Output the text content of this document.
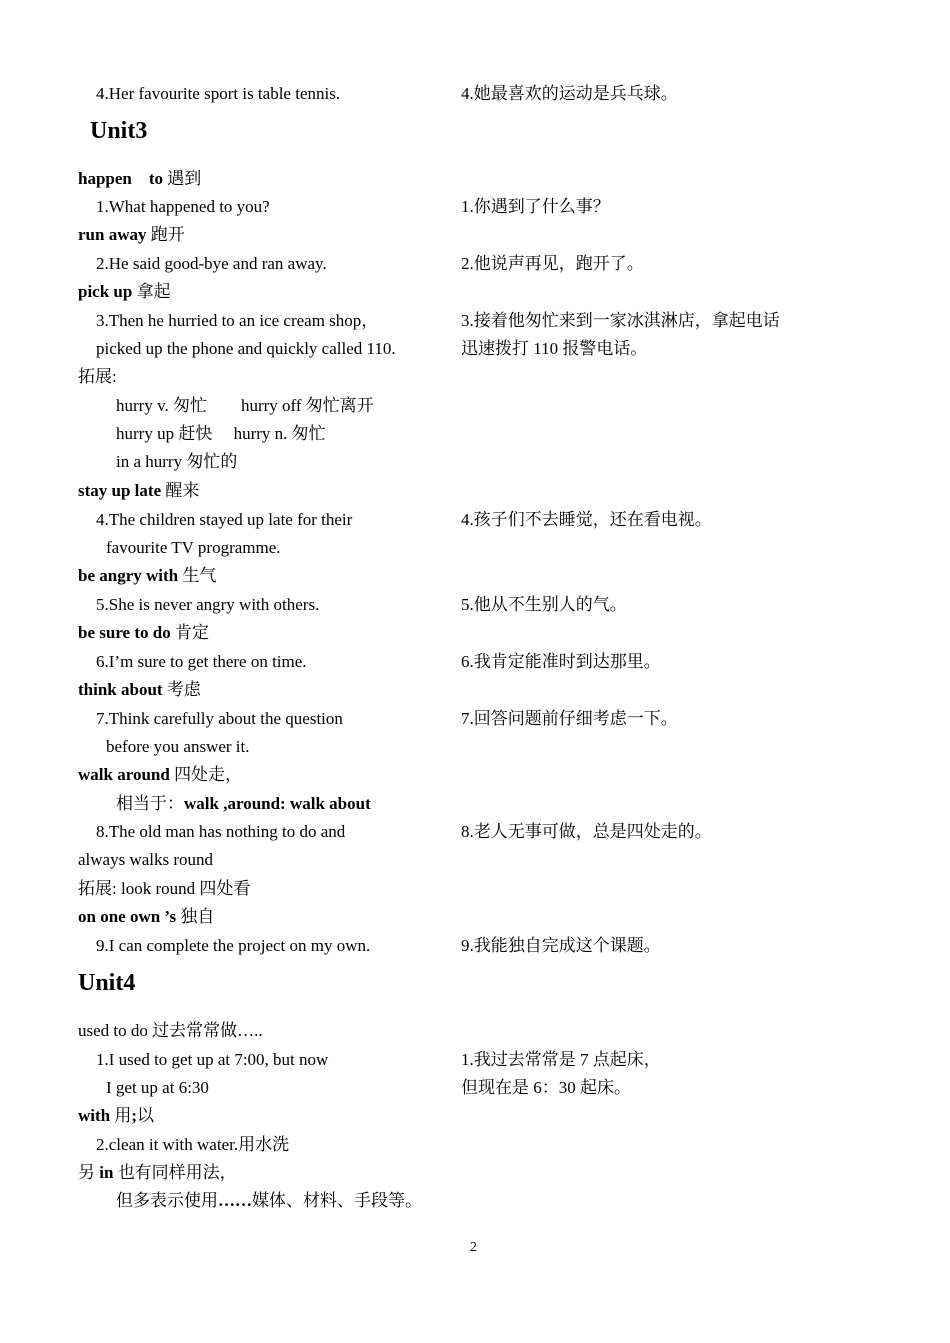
4.Her favourite sport is table tennis.	4.她最喜欢的运动是兵乓球。
Unit3
happen　to 遇到
1.What happened to you?	1.你遇到了什么事？
run away 跑开
2.He said good-bye and ran away.	2.他说声再见，跑开了。
pick up 拿起
3.Then he hurried to an ice cream shop，	3.接着他匆忙来到一家冰淇淋店，拿起电话
picked up the phone and quickly called 110.	迅速拨打 110 报警电话。
拓展:
hurry v. 匆忙　　hurry off 匆忙离开
hurry up 赶快　 hurry n. 匆忙
in a hurry 匆忙的
stay up late 醒来
4.The children stayed up late for their	4.孩子们不去睡觉，还在看电视。
favourite TV programme.
be angry with 生气
5.She is never angry with others.	5.他从不生别人的气。
be sure to do 肯定
6.I’m sure to get there on time.	6.我肯定能准时到达那里。
think about 考虑
7.Think carefully about the question	7.回答问题前仔细考虑一下。
before you answer it.
walk around 四处走，
相当于：walk ,around: walk about
8.The old man has nothing to do and	8.老人无事可做，总是四处走的。
always walks round
拓展: look round 四处看
on one own ’s 独自
9.I can complete the project on my own.	9.我能独自完成这个课题。
Unit4
used to do 过去常常做…..
1.I used to get up at 7:00, but now	1.我过去常常是 7 点起床，
I get up at 6:30	但现在是 6：30 起床。
with 用;以
2.clean it with water.用水洗
另 in 也有同样用法，
但多表示使用……媒体、材料、手段等。
2
